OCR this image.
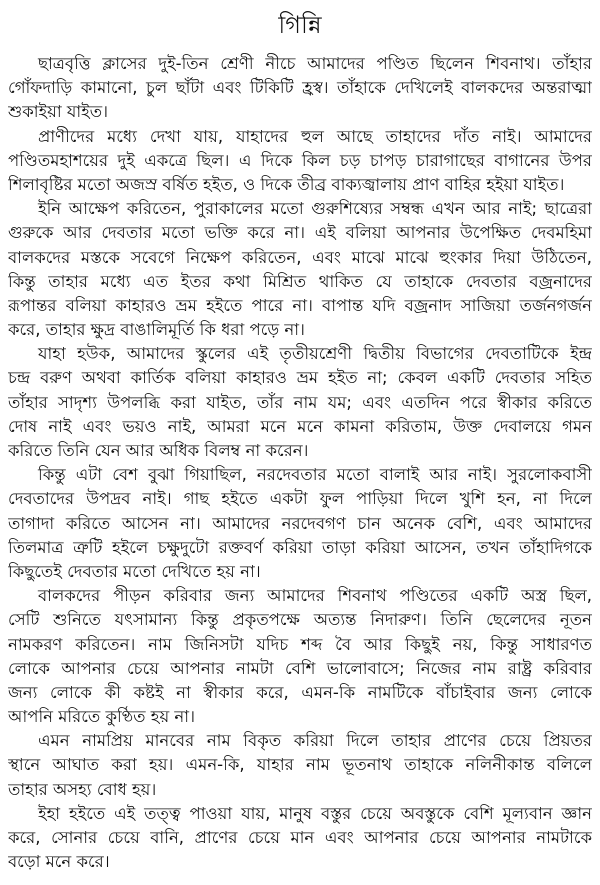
গিন্নি
ছাত্রবৃত্তি ক্লাসের দুই-তিন শ্রেণী নীচে আমাদের পণ্ডিত ছিলেন শিবনাথ। তাঁহার
গোঁফদাড়ি কামানো, চুল ছাঁটা এবং টিকিটি হ্রস্ব। তাঁহাকে দেখিলেই বালকদের অন্তরাত্মা
শুকাইয়া যাইত।
প্রাণীদের মধ্যে দেখা যায়, যাহাদের হুল আছে তাহাদের দাঁত নাই। আমাদের
পণ্ডিতমহাশয়ের দুই একত্রে ছিল। এ দিকে কিল চড় চাপড় চারাগাছের বাগানের উপর
শিলাবৃষ্টির মতো অজস্র বর্ষিত হইত, ও দিকে তীব্র বাক্যজ্বালায় প্রাণ বাহির হইয়া যাইত।
ইনি আক্ষেপ করিতেন, পুরাকালের মতো গুরুশিষ্যের সম্বন্ধ এখন আর নাই; ছাত্রেরা
গুরুকে আর দেবতার মতো ভক্তি করে না। এই বলিয়া আপনার উপেক্ষিত দেবমহিমা
বালকদের মস্তকে সবেগে নিক্ষেপ করিতেন, এবং মাঝে মাঝে হুংকার দিয়া উঠিতেন,
কিন্তু তাহার মধ্যে এত ইতর কথা মিশ্রিত থাকিত যে তাহাকে দেবতার বজ্রনাদের
রূপান্তর বলিয়া কাহারও ভ্রম হইতে পারে না। বাপান্ত যদি বজ্রনাদ সাজিয়া তর্জনগর্জন
করে, তাহার ক্ষুদ্র বাঙালিমূর্তি কি ধরা পড়ে না।
যাহা হউক, আমাদের স্কুলের এই তৃতীয়শ্রেণী দ্বিতীয় বিভাগের দেবতাটিকে ইন্দ্র
চন্দ্র বরুণ অথবা কার্তিক বলিয়া কাহারও ভ্রম হইত না; কেবল একটি দেবতার সহিত
তাঁহার সাদৃশ্য উপলব্ধি করা যাইত, তাঁর নাম যম; এবং এতদিন পরে স্বীকার করিতে
দোষ নাই এবং ভয়ও নাই, আমরা মনে মনে কামনা করিতাম, উক্ত দেবালয়ে গমন
করিতে তিনি যেন আর অধিক বিলম্ব না করেন।
কিন্তু এটা বেশ বুঝা গিয়াছিল, নরদেবতার মতো বালাই আর নাই। সুরলোকবাসী
দেবতাদের উপদ্রব নাই। গাছ হইতে একটা ফুল পাড়িয়া দিলে খুশি হন, না দিলে
তাগাদা করিতে আসেন না। আমাদের নরদেবগণ চান অনেক বেশি, এবং আমাদের
তিলমাত্র ত্রুটি হইলে চক্ষুদুটো রক্তবর্ণ করিয়া তাড়া করিয়া আসেন, তখন তাঁহাদিগকে
কিছুতেই দেবতার মতো দেখিতে হয় না।
বালকদের পীড়ন করিবার জন্য আমাদের শিবনাথ পণ্ডিতের একটি অস্ত্র ছিল,
সেটি শুনিতে যৎসামান্য কিন্তু প্রকৃতপক্ষে অত্যন্ত নিদারুণ। তিনি ছেলেদের নূতন
নামকরণ করিতেন। নাম জিনিসটা যদিচ শব্দ বৈ আর কিছুই নয়, কিন্তু সাধারণত
লোকে আপনার চেয়ে আপনার নামটা বেশি ভালোবাসে; নিজের নাম রাষ্ট্র করিবার
জন্য লোকে কী কষ্টই না স্বীকার করে, এমন-কি নামটিকে বাঁচাইবার জন্য লোকে
আপনি মরিতে কুণ্ঠিত হয় না।
এমন নামপ্রিয় মানবের নাম বিকৃত করিয়া দিলে তাহার প্রাণের চেয়ে প্রিয়তর
স্থানে আঘাত করা হয়। এমন-কি, যাহার নাম ভূতনাথ তাহাকে নলিনীকান্ত বলিলে
তাহার অসহ্য বোধ হয়।
ইহা হইতে এই তত্ত্ব পাওয়া যায়, মানুষ বস্তুর চেয়ে অবস্তুকে বেশি মূল্যবান জ্ঞান
করে, সোনার চেয়ে বানি, প্রাণের চেয়ে মান এবং আপনার চেয়ে আপনার নামটাকে
বড়ো মনে করে।
